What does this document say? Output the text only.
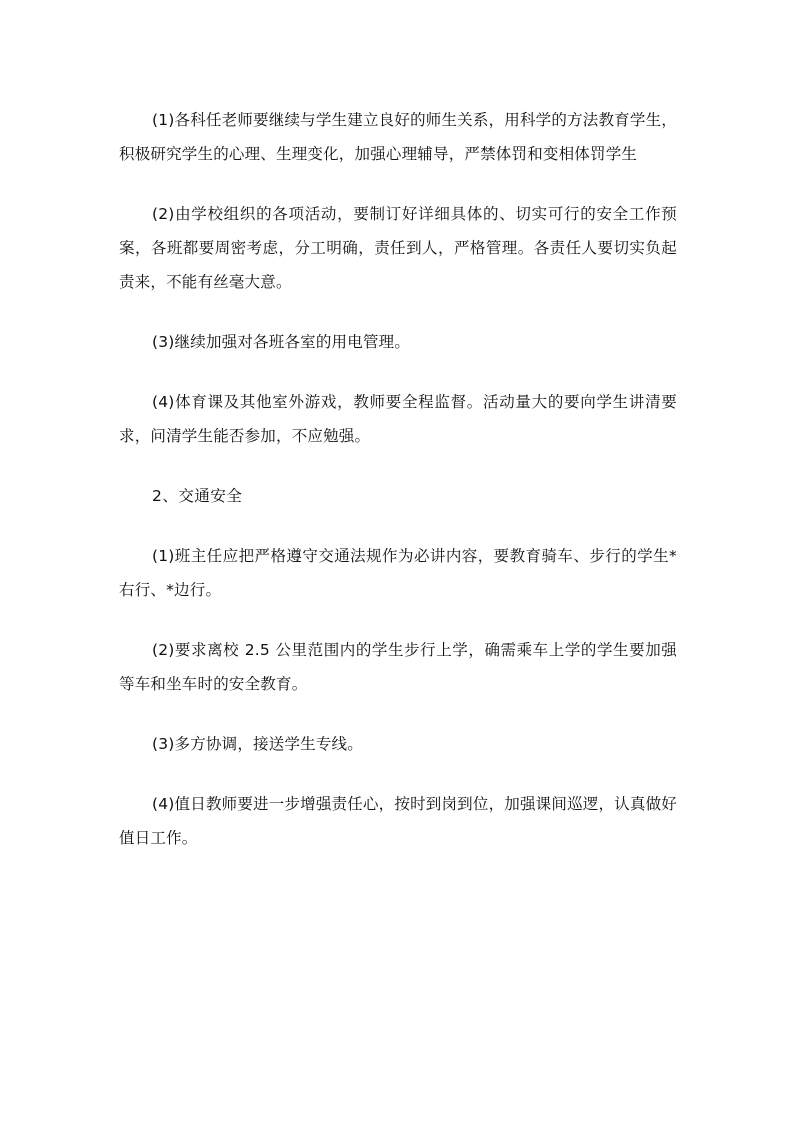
(1)各科任老师要继续与学生建立良好的师生关系，用科学的方法教育学生，积极研究学生的心理、生理变化，加强心理辅导，严禁体罚和变相体罚学生

(2)由学校组织的各项活动，要制订好详细具体的、切实可行的安全工作预案，各班都要周密考虑，分工明确，责任到人，严格管理。各责任人要切实负起责来，不能有丝毫大意。

(3)继续加强对各班各室的用电管理。

(4)体育课及其他室外游戏，教师要全程监督。活动量大的要向学生讲清要求，问清学生能否参加，不应勉强。

2、交通安全

(1)班主任应把严格遵守交通法规作为必讲内容，要教育骑车、步行的学生*右行、*边行。

(2)要求离校 2.5 公里范围内的学生步行上学，确需乘车上学的学生要加强等车和坐车时的安全教育。

(3)多方协调，接送学生专线。

(4)值日教师要进一步增强责任心，按时到岗到位，加强课间巡逻，认真做好值日工作。
